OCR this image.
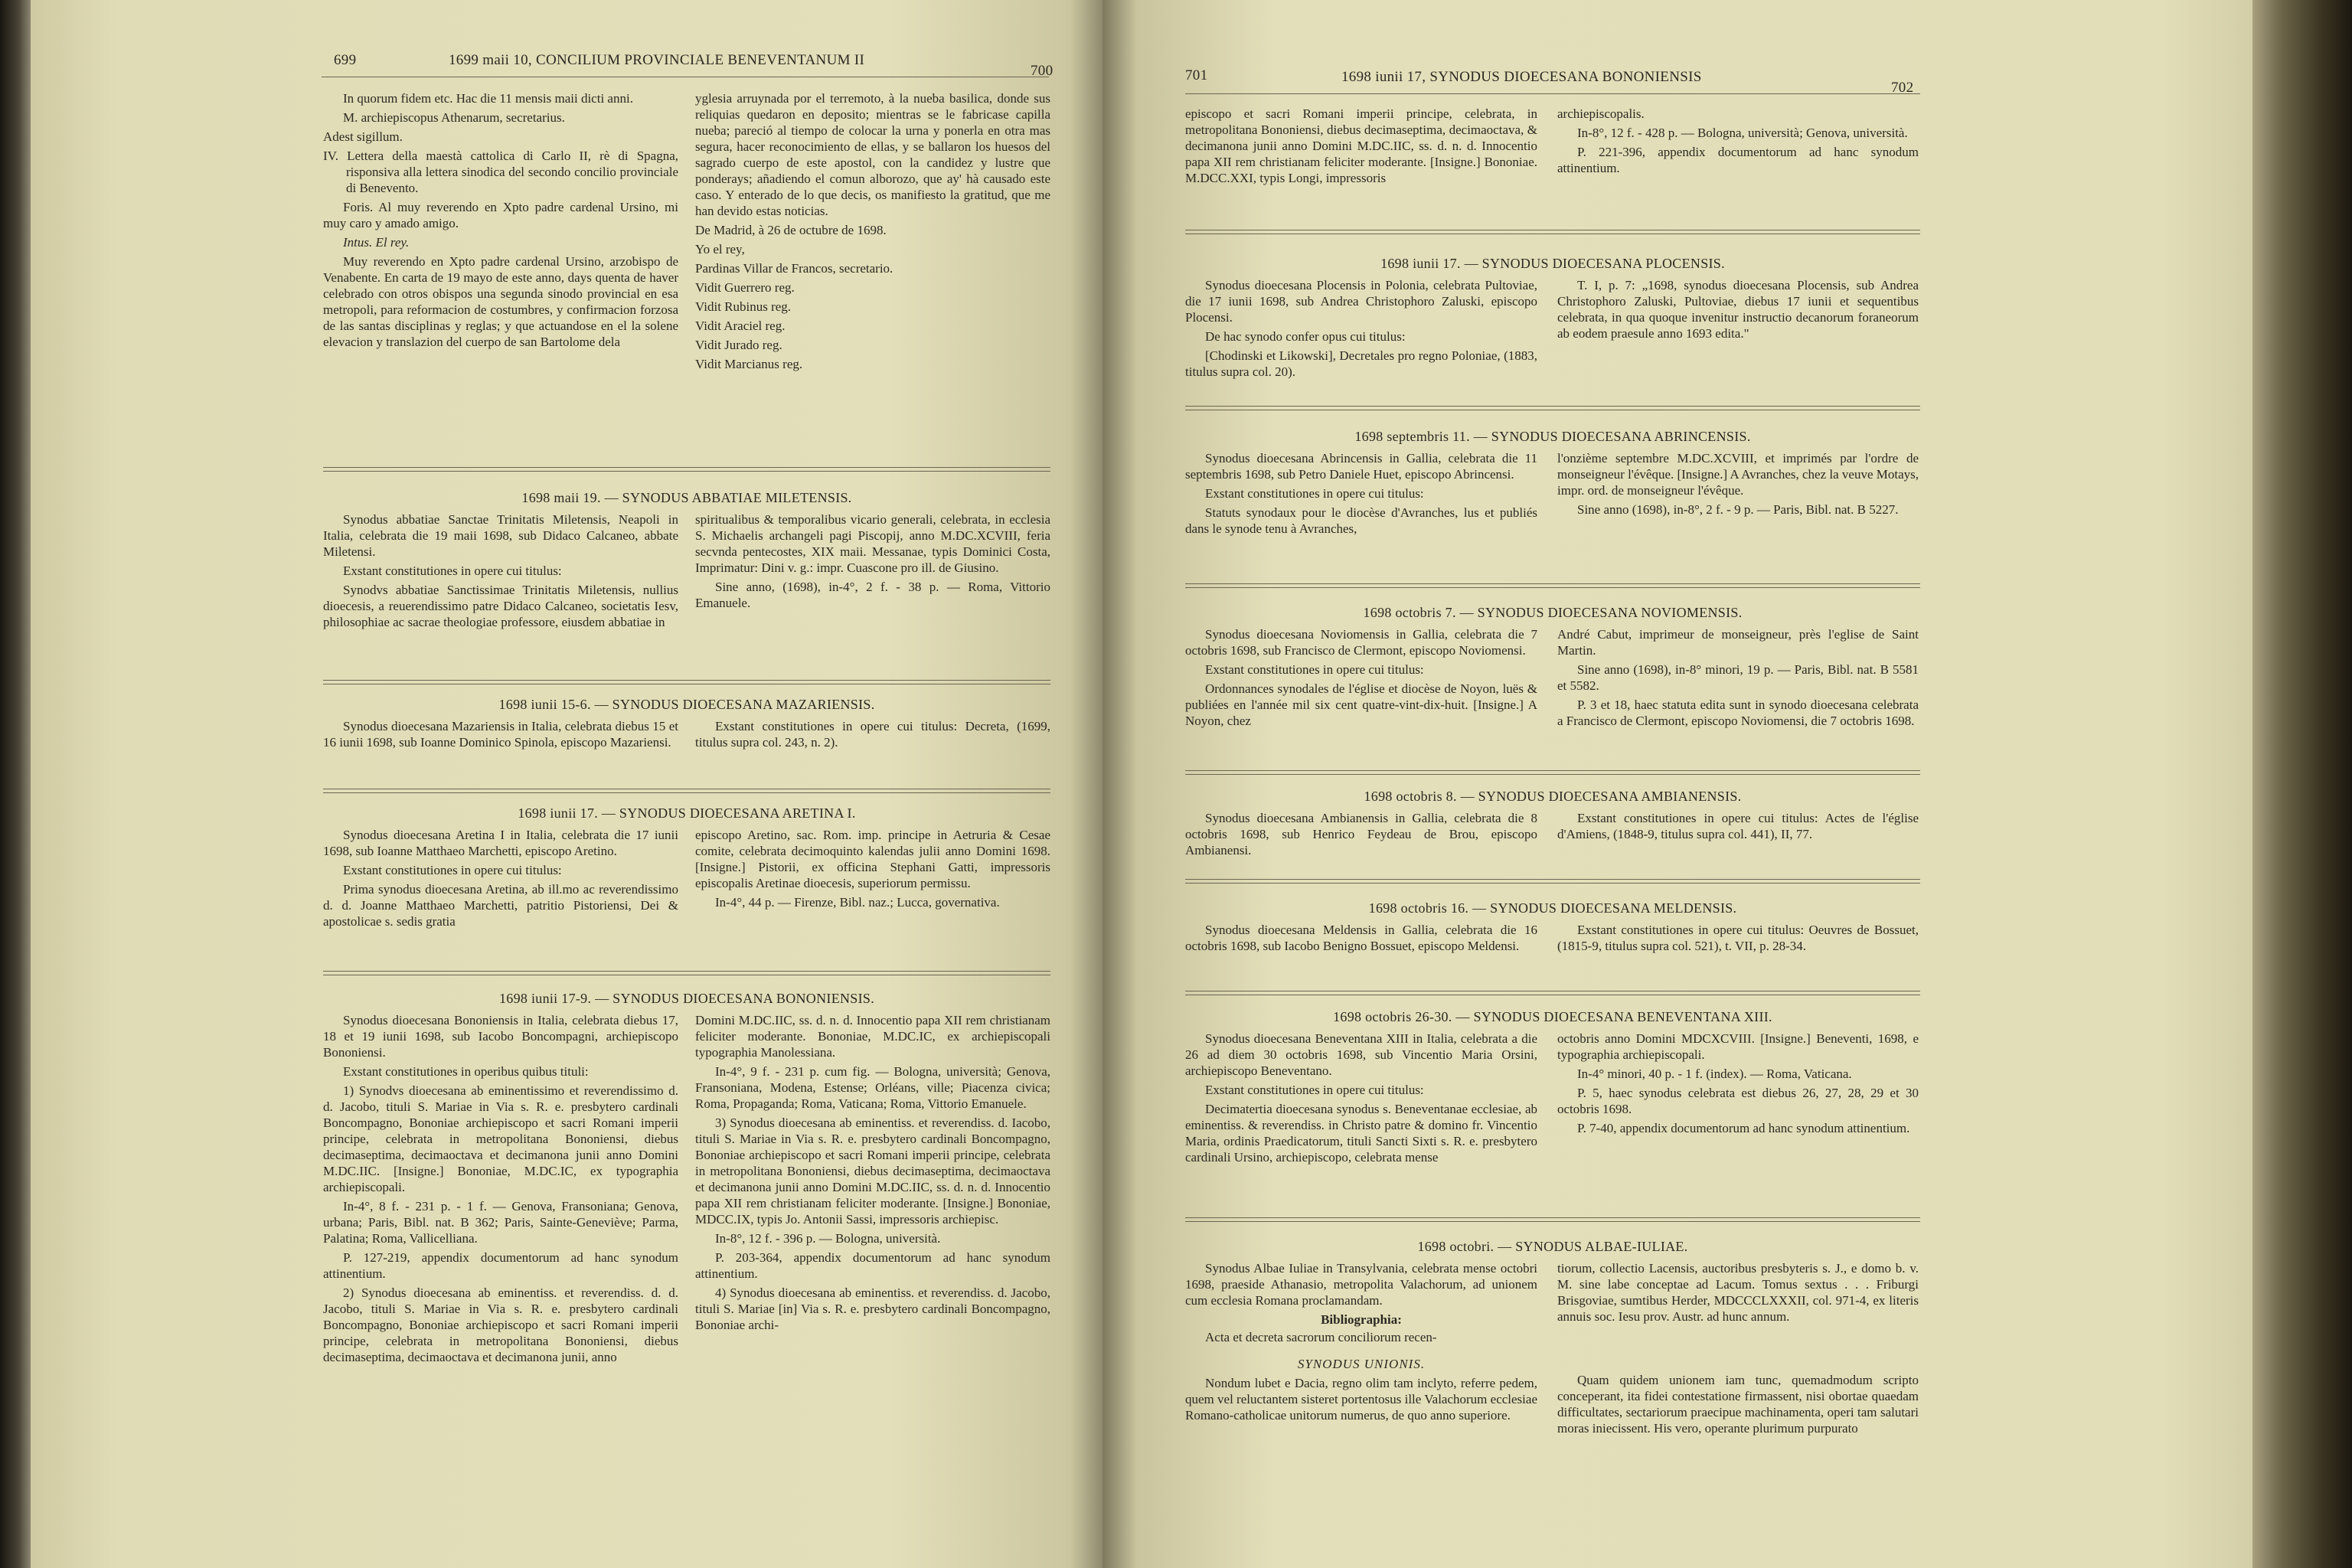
699	1699 maii 10, CONCILIUM PROVINCIALE BENEVENTANUM II
700

In quorum fidem etc. Hac die 11 mensis maii dicti anni.

M. archiepiscopus Athenarum, secretarius.

Adest sigillum.

IV. Lettera della maestà cattolica di Carlo II, rè di Spagna, risponsiva alla lettera sinodica del secondo concilio provinciale di Benevento.

Foris. Al muy reverendo en Xpto padre cardenal Ursino, mi muy caro y amado amigo.

Intus. El rey.

Muy reverendo en Xpto padre cardenal Ursino, arzobispo de Venabente. En carta de 19 mayo de este anno, days quenta de haver celebrado con otros obispos una segunda sinodo provincial en esa metropoli, para reformacion de costumbres, y confirmacion forzosa de las santas disciplinas y reglas; y que actuandose en el la solene elevacion y translazion del cuerpo de san Bartolome dela

yglesia arruynada por el terremoto, à la nueba basilica, donde sus reliquias quedaron en deposito; mientras se le fabricase capilla nueba; pareció al tiempo de colocar la urna y ponerla en otra mas segura, hacer reconocimiento de ellas, y se ballaron los huesos del sagrado cuerpo de este apostol, con la candidez y lustre que ponderays; añadiendo el comun alborozo, que ay' hà causado este caso. Y enterado de lo que decis, os manifiesto la gratitud, que me han devido estas noticias.

De Madrid, à 26 de octubre de 1698.

Yo el rey,

Pardinas Villar de Francos, secretario.

Vidit Guerrero reg.

Vidit Rubinus reg.

Vidit Araciel reg.

Vidit Jurado reg.

Vidit Marcianus reg.

1698 maii 19. — SYNODUS ABBATIAE MILETENSIS.

Synodus abbatiae Sanctae Trinitatis Miletensis, Neapoli in Italia, celebrata die 19 maii 1698, sub Didaco Calcaneo, abbate Miletensi.

Exstant constitutiones in opere cui titulus:

Synodvs abbatiae Sanctissimae Trinitatis Miletensis, nullius dioecesis, a reuerendissimo patre Didaco Calcaneo, societatis Iesv, philosophiae ac sacrae theologiae professore, eiusdem abbatiae in

spiritualibus & temporalibus vicario generali, celebrata, in ecclesia S. Michaelis archangeli pagi Piscopij, anno M.DC.XCVIII, feria secvnda pentecostes, XIX maii. Messanae, typis Dominici Costa, Imprimatur: Dini v. g.: impr. Cuascone pro ill. de Giusino.

Sine anno, (1698), in-4°, 2 f. - 38 p. — Roma, Vittorio Emanuele.

1698 iunii 15-6. — SYNODUS DIOECESANA MAZARIENSIS.

Synodus dioecesana Mazariensis in Italia, celebrata diebus 15 et 16 iunii 1698, sub Ioanne Dominico Spinola, episcopo Mazariensi.

Exstant constitutiones in opere cui titulus: Decreta, (1699, titulus supra col. 243, n. 2).

1698 iunii 17. — SYNODUS DIOECESANA ARETINA I.

Synodus dioecesana Aretina I in Italia, celebrata die 17 iunii 1698, sub Ioanne Matthaeo Marchetti, episcopo Aretino.

Exstant constitutiones in opere cui titulus:

Prima synodus dioecesana Aretina, ab ill.mo ac reverendissimo d. d. Joanne Matthaeo Marchetti, patritio Pistoriensi, Dei & apostolicae s. sedis gratia

episcopo Aretino, sac. Rom. imp. principe in Aetruria & Cesae comite, celebrata decimoquinto kalendas julii anno Domini 1698. [Insigne.] Pistorii, ex officina Stephani Gatti, impressoris episcopalis Aretinae dioecesis, superiorum permissu.

In-4°, 44 p. — Firenze, Bibl. naz.; Lucca, governativa.

1698 iunii 17-9. — SYNODUS DIOECESANA BONONIENSIS.

Synodus dioecesana Bononiensis in Italia, celebrata diebus 17, 18 et 19 iunii 1698, sub Iacobo Boncompagni, archiepiscopo Bononiensi.

Exstant constitutiones in operibus quibus tituli:

1) Synodvs dioecesana ab eminentissimo et reverendissimo d. d. Jacobo, tituli S. Mariae in Via s. R. e. presbytero cardinali Boncompagno, Bononiae archiepiscopo et sacri Romani imperii principe, celebrata in metropolitana Bononiensi, diebus decimaseptima, decimaoctava et decimanona junii anno Domini M.DC.IIC. [Insigne.] Bononiae, M.DC.IC, ex typographia archiepiscopali.

In-4°, 8 f. - 231 p. - 1 f. — Genova, Fransoniana; Genova, urbana; Paris, Bibl. nat. B 362; Paris, Sainte-Geneviève; Parma, Palatina; Roma, Vallicelliana.

P. 127-219, appendix documentorum ad hanc synodum attinentium.

2) Synodus dioecesana ab eminentiss. et reverendiss. d. d. Jacobo, tituli S. Mariae in Via s. R. e. presbytero cardinali Boncompagno, Bononiae archiepiscopo et sacri Romani imperii principe, celebrata in metropolitana Bononiensi, diebus decimaseptima, decimaoctava et decimanona junii, anno

Domini M.DC.IIC, ss. d. n. d. Innocentio papa XII rem christianam feliciter moderante. Bononiae, M.DC.IC, ex archiepiscopali typographia Manolessiana.

In-4°, 9 f. - 231 p. cum fig. — Bologna, università; Genova, Fransoniana, Modena, Estense; Orléans, ville; Piacenza civica; Roma, Propaganda; Roma, Vaticana; Roma, Vittorio Emanuele.

3) Synodus dioecesana ab eminentiss. et reverendiss. d. Iacobo, tituli S. Mariae in Via s. R. e. presbytero cardinali Boncompagno, Bononiae archiepiscopo et sacri Romani imperii principe, celebrata in metropolitana Bononiensi, diebus decimaseptima, decimaoctava et decimanona junii anno Domini M.DC.IIC, ss. d. n. d. Innocentio papa XII rem christianam feliciter moderante. [Insigne.] Bononiae, MDCC.IX, typis Jo. Antonii Sassi, impressoris archiepisc.

In-8°, 12 f. - 396 p. — Bologna, università.

P. 203-364, appendix documentorum ad hanc synodum attinentium.

4) Synodus dioecesana ab eminentiss. et reverendiss. d. Jacobo, tituli S. Mariae [in] Via s. R. e. presbytero cardinali Boncompagno, Bononiae archi-

701	1698 iunii 17, SYNODUS DIOECESANA BONONIENSIS
702

episcopo et sacri Romani imperii principe, celebrata, in metropolitana Bononiensi, diebus decimaseptima, decimaoctava, & decimanona junii anno Domini M.DC.IIC, ss. d. n. d. Innocentio papa XII rem christianam feliciter moderante. [Insigne.] Bononiae. M.DCC.XXI, typis Longi, impressoris

archiepiscopalis.

In-8°, 12 f. - 428 p. — Bologna, università; Genova, università.

P. 221-396, appendix documentorum ad hanc synodum attinentium.

1698 iunii 17. — SYNODUS DIOECESANA PLOCENSIS.

Synodus dioecesana Plocensis in Polonia, celebrata Pultoviae, die 17 iunii 1698, sub Andrea Christophoro Zaluski, episcopo Plocensi.

De hac synodo confer opus cui titulus:

[Chodinski et Likowski], Decretales pro regno Poloniae, (1883, titulus supra col. 20).

T. I, p. 7: „1698, synodus dioecesana Plocensis, sub Andrea Christophoro Zaluski, Pultoviae, diebus 17 iunii et sequentibus celebrata, in qua quoque invenitur instructio decanorum foraneorum ab eodem praesule anno 1693 edita."

1698 septembris 11. — SYNODUS DIOECESANA ABRINCENSIS.

Synodus dioecesana Abrincensis in Gallia, celebrata die 11 septembris 1698, sub Petro Daniele Huet, episcopo Abrincensi.

Exstant constitutiones in opere cui titulus:

Statuts synodaux pour le diocèse d'Avranches, lus et publiés dans le synode tenu à Avranches,

l'onzième septembre M.DC.XCVIII, et imprimés par l'ordre de monseigneur l'évêque. [Insigne.] A Avranches, chez la veuve Motays, impr. ord. de monseigneur l'évêque.

Sine anno (1698), in-8°, 2 f. - 9 p. — Paris, Bibl. nat. B 5227.

1698 octobris 7. — SYNODUS DIOECESANA NOVIOMENSIS.

Synodus dioecesana Noviomensis in Gallia, celebrata die 7 octobris 1698, sub Francisco de Clermont, episcopo Noviomensi.

Exstant constitutiones in opere cui titulus:

Ordonnances synodales de l'église et diocèse de Noyon, luës & publiées en l'année mil six cent quatre-vint-dix-huit. [Insigne.] A Noyon, chez

André Cabut, imprimeur de monseigneur, près l'eglise de Saint Martin.

Sine anno (1698), in-8° minori, 19 p. — Paris, Bibl. nat. B 5581 et 5582.

P. 3 et 18, haec statuta edita sunt in synodo dioecesana celebrata a Francisco de Clermont, episcopo Noviomensi, die 7 octobris 1698.

1698 octobris 8. — SYNODUS DIOECESANA AMBIANENSIS.

Synodus dioecesana Ambianensis in Gallia, celebrata die 8 octobris 1698, sub Henrico Feydeau de Brou, episcopo Ambianensi.

Exstant constitutiones in opere cui titulus: Actes de l'église d'Amiens, (1848-9, titulus supra col. 441), II, 77.

1698 octobris 16. — SYNODUS DIOECESANA MELDENSIS.

Synodus dioecesana Meldensis in Gallia, celebrata die 16 octobris 1698, sub Iacobo Benigno Bossuet, episcopo Meldensi.

Exstant constitutiones in opere cui titulus: Oeuvres de Bossuet, (1815-9, titulus supra col. 521), t. VII, p. 28-34.

1698 octobris 26-30. — SYNODUS DIOECESANA BENEVENTANA XIII.

Synodus dioecesana Beneventana XIII in Italia, celebrata a die 26 ad diem 30 octobris 1698, sub Vincentio Maria Orsini, archiepiscopo Beneventano.

Exstant constitutiones in opere cui titulus:

Decimatertia dioecesana synodus s. Beneventanae ecclesiae, ab eminentiss. & reverendiss. in Christo patre & domino fr. Vincentio Maria, ordinis Praedicatorum, tituli Sancti Sixti s. R. e. presbytero cardinali Ursino, archiepiscopo, celebrata mense

octobris anno Domini MDCXCVIII. [Insigne.] Beneventi, 1698, e typographia archiepiscopali.

In-4° minori, 40 p. - 1 f. (index). — Roma, Vaticana.

P. 5, haec synodus celebrata est diebus 26, 27, 28, 29 et 30 octobris 1698.

P. 7-40, appendix documentorum ad hanc synodum attinentium.

1698 octobri. — SYNODUS ALBAE-IULIAE.

Synodus Albae Iuliae in Transylvania, celebrata mense octobri 1698, praeside Athanasio, metropolita Valachorum, ad unionem cum ecclesia Romana proclamandam.

Bibliographia:

Acta et decreta sacrorum conciliorum recen-

SYNODUS UNIONIS.

Nondum lubet e Dacia, regno olim tam inclyto, referre pedem, quem vel reluctantem sisteret portentosus ille Valachorum ecclesiae Romano-catholicae unitorum numerus, de quo anno superiore.

tiorum, collectio Lacensis, auctoribus presbyteris s. J., e domo b. v. M. sine labe conceptae ad Lacum. Tomus sextus . . . Friburgi Brisgoviae, sumtibus Herder, MDCCCLXXXII, col. 971-4, ex literis annuis soc. Iesu prov. Austr. ad hunc annum.

Quam quidem unionem iam tunc, quemadmodum scripto conceperant, ita fidei contestatione firmassent, nisi obortae quaedam difficultates, sectariorum praecipue machinamenta, operi tam salutari moras iniecissent. His vero, operante plurimum purpurato
